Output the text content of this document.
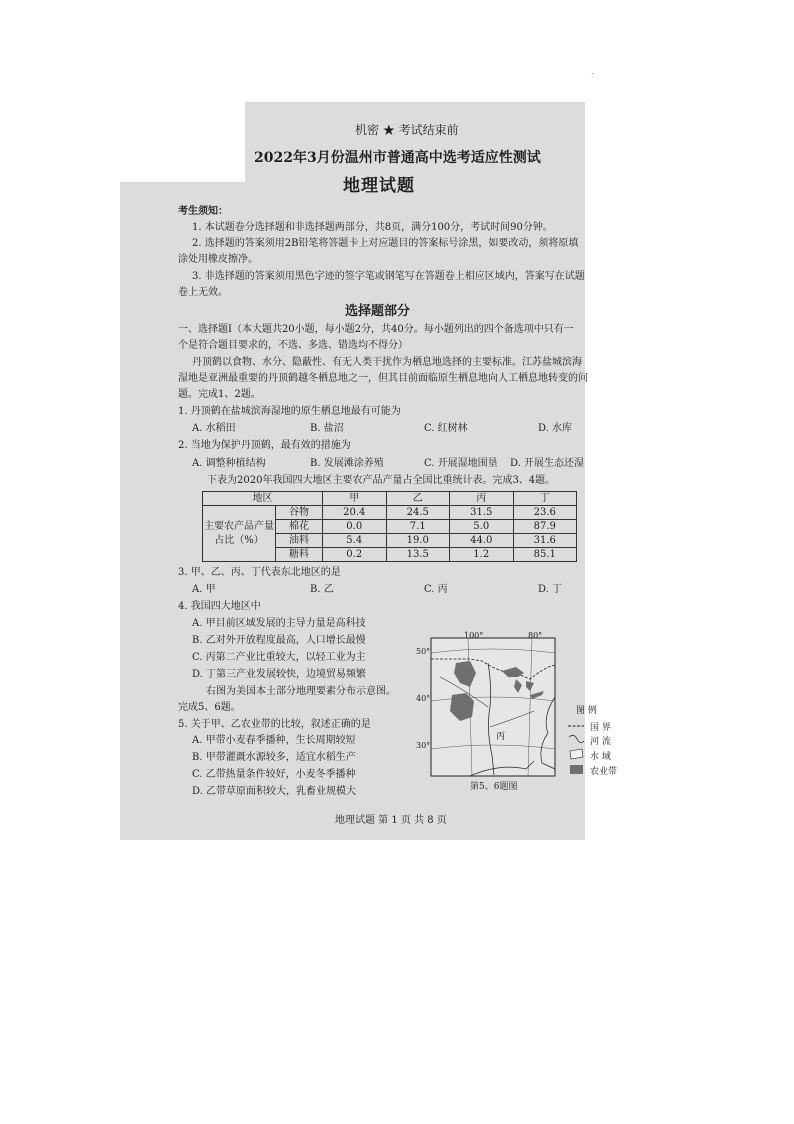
.
机密 ★ 考试结束前
2022年3月份温州市普通高中选考适应性测试
地理试题
考生须知：
1. 本试题卷分选择题和非选择题两部分，共8页，满分100分，考试时间90分钟。
2. 选择题的答案须用2B铅笔将答题卡上对应题目的答案标号涂黑，如要改动，须将原填
涂处用橡皮擦净。
3. 非选择题的答案须用黑色字迹的签字笔或钢笔写在答题卷上相应区域内，答案写在试题
卷上无效。
选择题部分
一、选择题Ⅰ（本大题共20小题，每小题2分，共40分。每小题列出的四个备选项中只有一
个是符合题目要求的，不选、多选、错选均不得分）
丹顶鹤以食物、水分、隐蔽性、有无人类干扰作为栖息地选择的主要标准。江苏盐城滨海
湿地是亚洲最重要的丹顶鹤越冬栖息地之一，但其目前面临原生栖息地向人工栖息地转变的问
题。完成1、2题。
1. 丹顶鹤在盐城滨海湿地的原生栖息地最有可能为
A. 水稻田	B. 盐沼	C. 红树林	D. 水库
2. 当地为保护丹顶鹤，最有效的措施为
A. 调整种植结构	B. 发展滩涂养殖	C. 开展湿地围垦 D. 开展生态还湿
下表为2020年我国四大地区主要农产品产量占全国比重统计表。完成3、4题。
地区		甲	乙	丙	丁
主要农产品产量占比（%）	谷物	20.4	24.5	31.5	23.6
	棉花	0.0	7.1	5.0	87.9
	油料	5.4	19.0	44.0	31.6
	糖料	0.2	13.5	1.2	85.1
3. 甲、乙、丙、丁代表东北地区的是
A. 甲	B. 乙	C. 丙	D. 丁
4. 我国四大地区中
A. 甲目前区域发展的主导力量是高科技
B. 乙对外开放程度最高，人口增长最慢
C. 丙第二产业比重较大，以轻工业为主
D. 丁第三产业发展较快，边境贸易频繁
右图为美国本土部分地理要素分布示意图。
完成5、6题。
5. 关于甲、乙农业带的比较，叙述正确的是
A. 甲带小麦春季播种，生长周期较短
B. 甲带灌溉水源较多，适宜水稻生产
C. 乙带热量条件较好，小麦冬季播种
D. 乙带草原面积较大，乳畜业规模大
丙
100°	80°
50°
40°
30°
第5、6题图
图 例
国 界
河 流
水 域
农业带
地理试题 第 1 页 共 8 页
